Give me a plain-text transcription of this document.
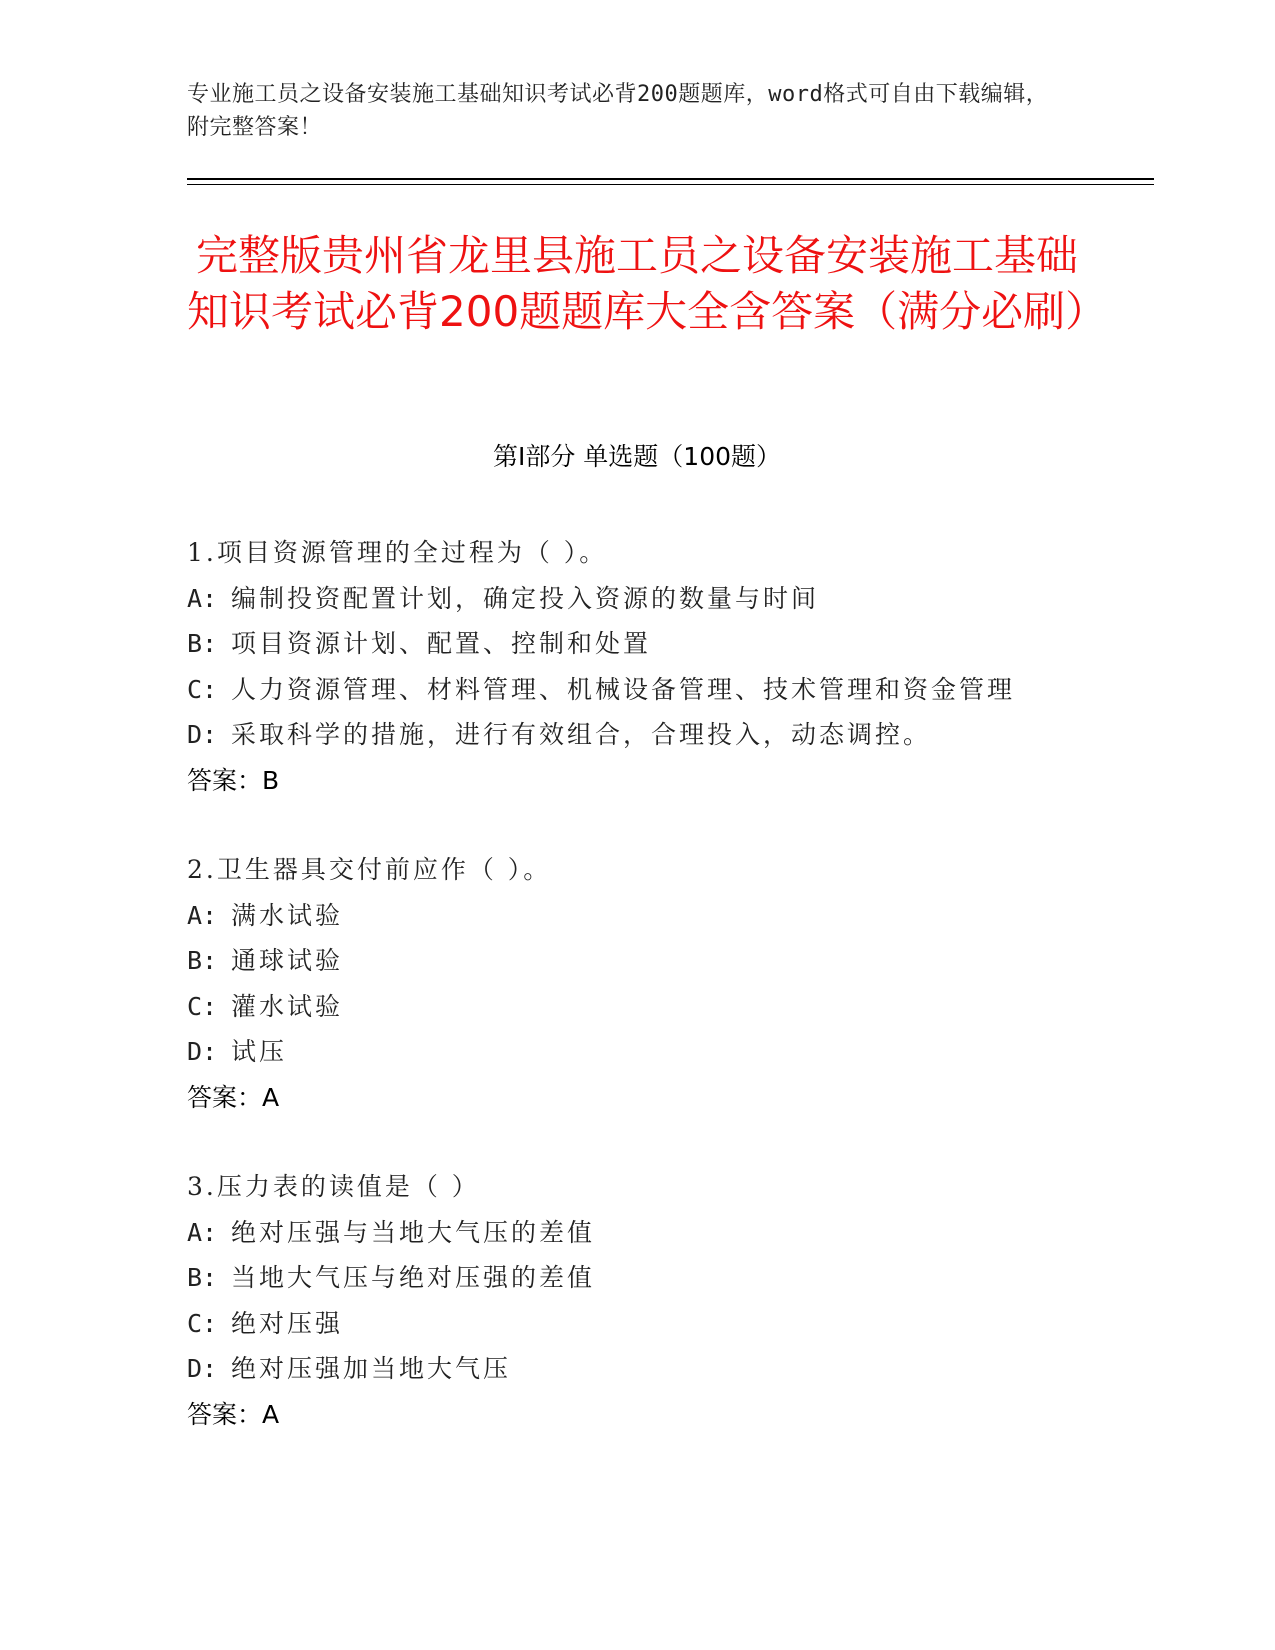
专业施工员之设备安装施工基础知识考试必背200题题库，word格式可自由下载编辑，附完整答案！
完整版贵州省龙里县施工员之设备安装施工基础知识考试必背200题题库大全含答案（满分必刷）
第I部分 单选题（100题）
1.项目资源管理的全过程为（ ）。
A: 编制投资配置计划，确定投入资源的数量与时间
B: 项目资源计划、配置、控制和处置
C: 人力资源管理、材料管理、机械设备管理、技术管理和资金管理
D: 采取科学的措施，进行有效组合，合理投入，动态调控。
答案：B
2.卫生器具交付前应作（ ）。
A: 满水试验
B: 通球试验
C: 灌水试验
D: 试压
答案：A
3.压力表的读值是（ ）
A: 绝对压强与当地大气压的差值
B: 当地大气压与绝对压强的差值
C: 绝对压强
D: 绝对压强加当地大气压
答案：A
